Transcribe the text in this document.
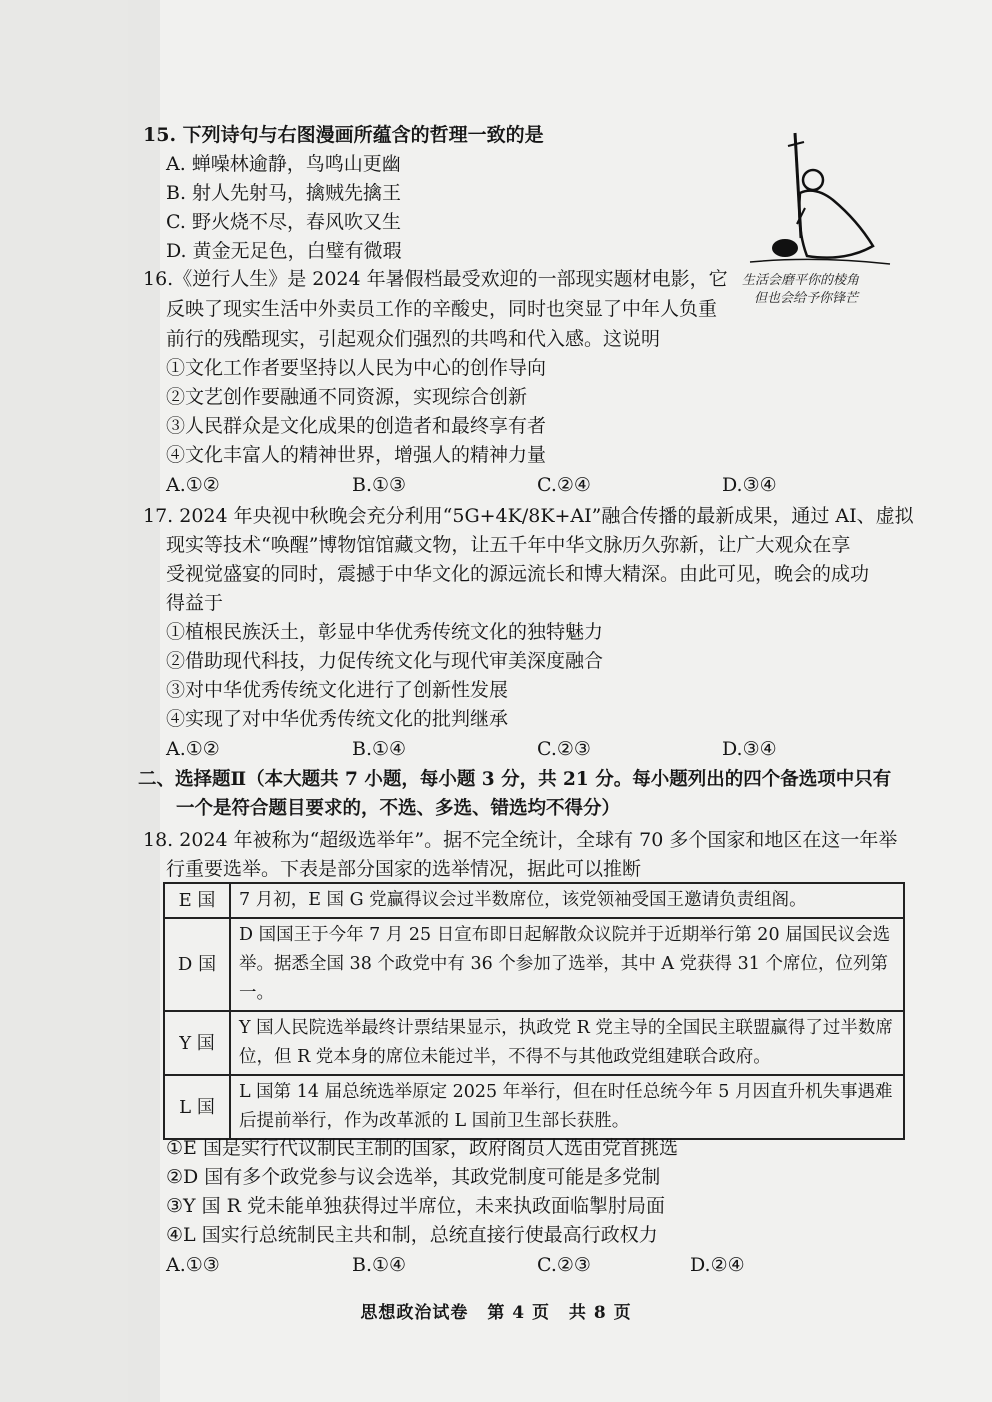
15. 下列诗句与右图漫画所蕴含的哲理一致的是
A. 蝉噪林逾静，鸟鸣山更幽
B. 射人先射马，擒贼先擒王
C. 野火烧不尽，春风吹又生
D. 黄金无足色，白璧有微瑕
生活会磨平你的棱角
但也会给予你锋芒
16.《逆行人生》是 2024 年暑假档最受欢迎的一部现实题材电影，它
反映了现实生活中外卖员工作的辛酸史，同时也突显了中年人负重
前行的残酷现实，引起观众们强烈的共鸣和代入感。这说明
①文化工作者要坚持以人民为中心的创作导向
②文艺创作要融通不同资源，实现综合创新
③人民群众是文化成果的创造者和最终享有者
④文化丰富人的精神世界，增强人的精神力量
A.①②	B.①③	C.②④	D.③④
17. 2024 年央视中秋晚会充分利用“5G+4K/8K+AI”融合传播的最新成果，通过 AI、虚拟
现实等技术“唤醒”博物馆馆藏文物，让五千年中华文脉历久弥新，让广大观众在享
受视觉盛宴的同时，震撼于中华文化的源远流长和博大精深。由此可见，晚会的成功
得益于
①植根民族沃土，彰显中华优秀传统文化的独特魅力
②借助现代科技，力促传统文化与现代审美深度融合
③对中华优秀传统文化进行了创新性发展
④实现了对中华优秀传统文化的批判继承
A.①②	B.①④	C.②③	D.③④
二、选择题Ⅱ（本大题共 7 小题，每小题 3 分，共 21 分。每小题列出的四个备选项中只有
一个是符合题目要求的，不选、多选、错选均不得分）
18. 2024 年被称为“超级选举年”。据不完全统计，全球有 70 多个国家和地区在这一年举
行重要选举。下表是部分国家的选举情况，据此可以推断
E 国	7 月初，E 国 G 党赢得议会过半数席位，该党领袖受国王邀请负责组阁。
D 国	D 国国王于今年 7 月 25 日宣布即日起解散众议院并于近期举行第 20 届国民议会选举。据悉全国 38 个政党中有 36 个参加了选举，其中 A 党获得 31 个席位，位列第一。
Y 国	Y 国人民院选举最终计票结果显示，执政党 R 党主导的全国民主联盟赢得了过半数席位，但 R 党本身的席位未能过半，不得不与其他政党组建联合政府。
L 国	L 国第 14 届总统选举原定 2025 年举行，但在时任总统今年 5 月因直升机失事遇难后提前举行，作为改革派的 L 国前卫生部长获胜。
①E 国是实行代议制民主制的国家，政府阁员人选由党首挑选
②D 国有多个政党参与议会选举，其政党制度可能是多党制
③Y 国 R 党未能单独获得过半席位，未来执政面临掣肘局面
④L 国实行总统制民主共和制，总统直接行使最高行政权力
A.①③	B.①④	C.②③	D.②④
思想政治试卷 第 4 页 共 8 页
